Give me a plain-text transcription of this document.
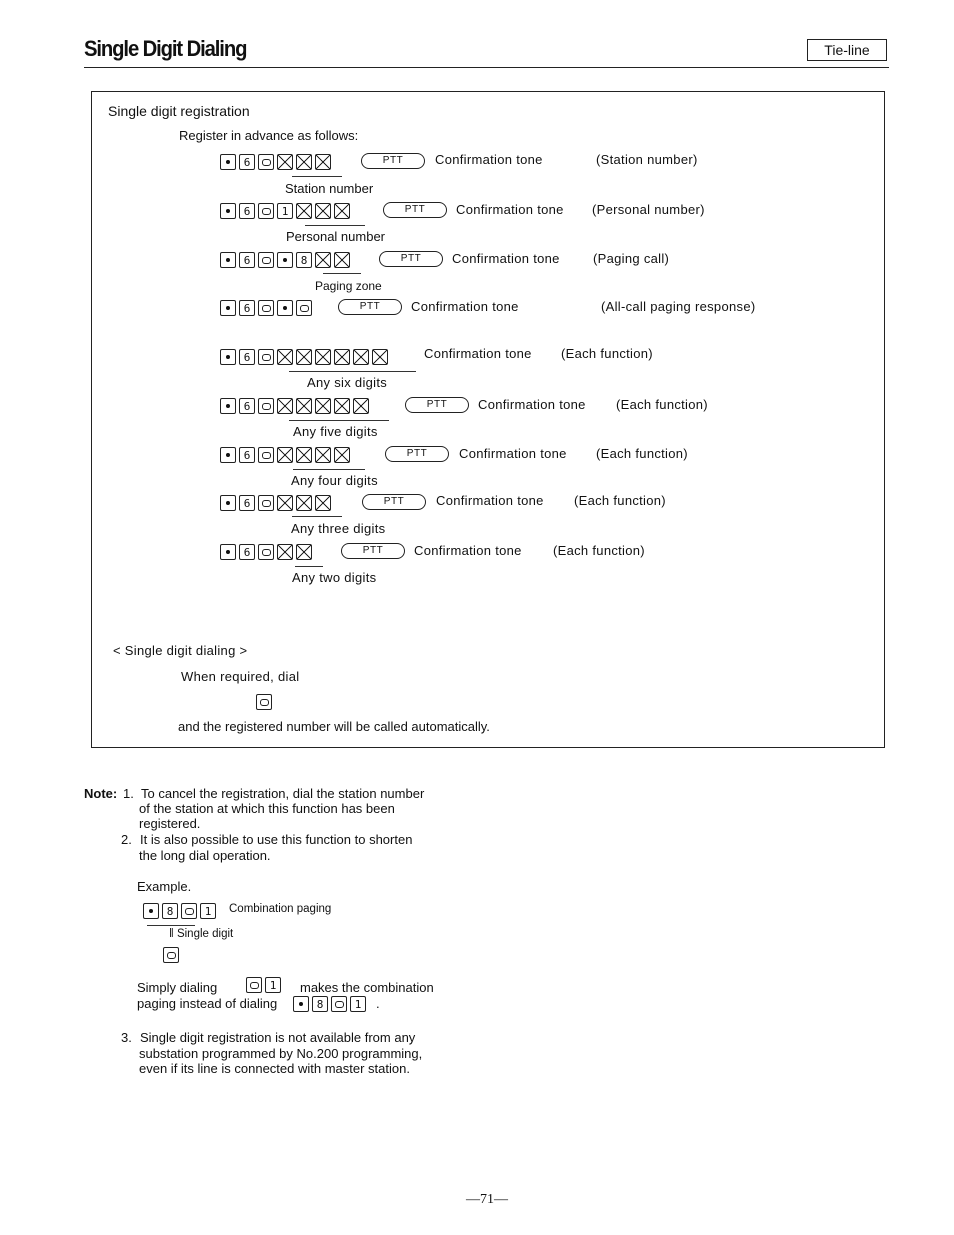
Single Digit Dialing	Tie-line
Single digit registration
Register in advance as follows:
6	PTT	Confirmation tone	(Station number)
Station number
6	1	PTT	Confirmation tone (Personal number)
Personal number
6	8	PTT	Confirmation tone	(Paging call)
Paging zone
6	PTT	Confirmation tone	(All-call paging response)
6	Confirmation tone (Each function)
Any six digits
6	PTT	Confirmation tone (Each function)
Any five digits
6	PTT	Confirmation tone (Each function)
Any four digits
6	PTT	Confirmation tone (Each function)
Any three digits
6	PTT	Confirmation tone (Each function)
Any two digits
< Single digit dialing >
When required, dial
and the registered number will be called automatically.
Note: 1. To cancel the registration, dial the station number
of the station at which this function has been
registered.
2. It is also possible to use this function to shorten
the long dial operation.
Example.
8	1	Combination paging
‖ Single digit
Simply dialing	1	makes the combination
paging instead of dialing	8	1	.
3. Single digit registration is not available from any
substation programmed by No.200 programming,
even if its line is connected with master station.
—71—
